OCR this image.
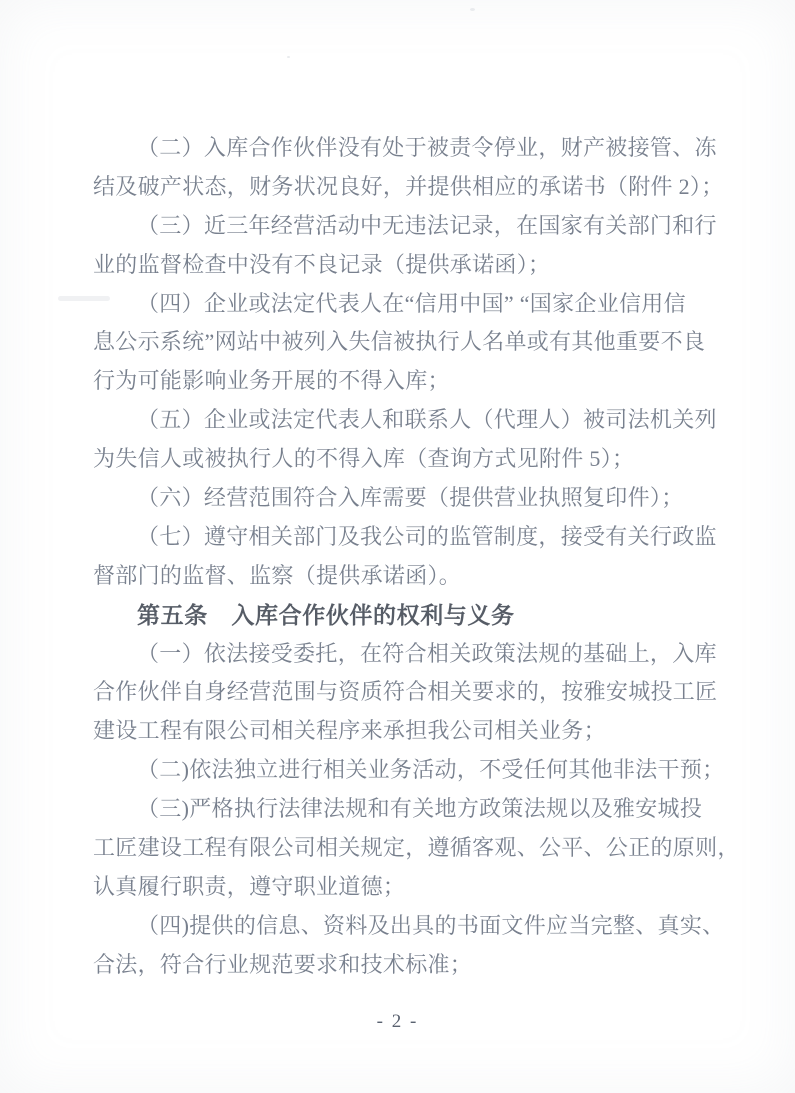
（二）入库合作伙伴没有处于被责令停业，财产被接管、冻
结及破产状态，财务状况良好，并提供相应的承诺书（附件 2）；
（三）近三年经营活动中无违法记录，在国家有关部门和行
业的监督检查中没有不良记录（提供承诺函）；
（四）企业或法定代表人在“信用中国” “国家企业信用信
息公示系统”网站中被列入失信被执行人名单或有其他重要不良
行为可能影响业务开展的不得入库；
（五）企业或法定代表人和联系人（代理人）被司法机关列
为失信人或被执行人的不得入库（查询方式见附件 5）；
（六）经营范围符合入库需要（提供营业执照复印件）；
（七）遵守相关部门及我公司的监管制度，接受有关行政监
督部门的监督、监察（提供承诺函）。
第五条　入库合作伙伴的权利与义务
（一）依法接受委托，在符合相关政策法规的基础上，入库
合作伙伴自身经营范围与资质符合相关要求的，按雅安城投工匠
建设工程有限公司相关程序来承担我公司相关业务；
（二)依法独立进行相关业务活动，不受任何其他非法干预；
（三)严格执行法律法规和有关地方政策法规以及雅安城投
工匠建设工程有限公司相关规定，遵循客观、公平、公正的原则，
认真履行职责，遵守职业道德；
（四)提供的信息、资料及出具的书面文件应当完整、真实、
合法，符合行业规范要求和技术标准；
- 2 -
